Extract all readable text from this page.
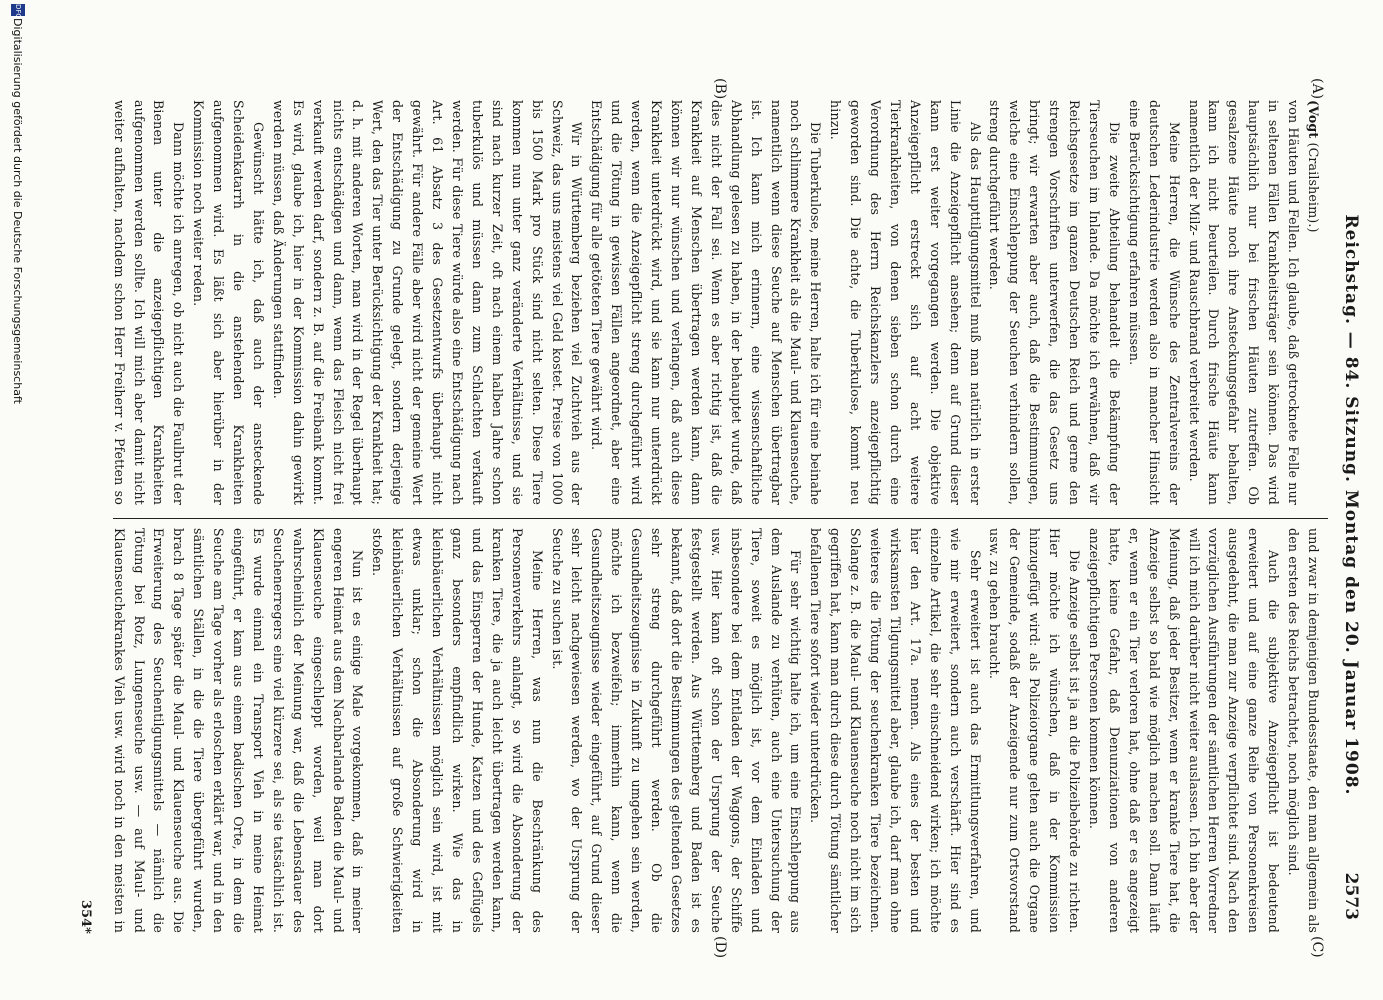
Reichstag. — 84. Sitzung. Montag den 20. Januar 1908.
2573
(A)
(B)
(C)
(D)

(Vogt (Crailsheim).)

von Häuten und Fellen. Ich glaube, daß getrocknete Felle nur in seltenen Fällen Krankheitsträger sein können. Das wird hauptsächlich nur bei frischen Häuten zutreffen. Ob gesalzene Häute noch ihre Ansteckungsgefahr behalten, kann ich nicht beurteilen. Durch frische Häute kann namentlich der Milz- und Rauschbrand verbreitet werden.

Meine Herren, die Wünsche des Zentralvereins der deutschen Lederindustrie werden also in mancher Hinsicht eine Berücksichtigung erfahren müssen.

Die zweite Abteilung behandelt die Bekämpfung der Tierseuchen im Inlande. Da möchte ich erwähnen, daß wir Reichsgesetze im ganzen Deutschen Reich und gerne den strengen Vorschriften unterwerfen, die das Gesetz uns bringt; wir erwarten aber auch, daß die Bestimmungen, welche eine Einschleppung der Seuchen verhindern sollen, streng durchgeführt werden.

Als das Haupttilgungsmittel muß man natürlich in erster Linie die Anzeigepflicht ansehen; denn auf Grund dieser kann erst weiter vorgegangen werden. Die objektive Anzeigepflicht erstreckt sich auf acht weitere Tierkrankheiten, von denen sieben schon durch eine Verordnung des Herrn Reichskanzlers anzeigepflichtig geworden sind. Die achte, die Tuberkulose, kommt neu hinzu.

Die Tuberkulose, meine Herren, halte ich für eine beinahe noch schlimmere Krankheit als die Maul- und Klauenseuche, namentlich wenn diese Seuche auf Menschen übertragbar ist. Ich kann mich erinnern, eine wissenschaftliche Abhandlung gelesen zu haben, in der behauptet wurde, daß dies nicht der Fall sei. Wenn es aber richtig ist, daß die Krankheit auf Menschen übertragen werden kann, dann können wir nur wünschen und verlangen, daß auch diese Krankheit unterdrückt wird, und sie kann nur unterdrückt werden, wenn die Anzeigepflicht streng durchgeführt wird und die Tötung in gewissen Fällen angeordnet, aber eine Entschädigung für alle getöteten Tiere gewährt wird.

Wir in Württemberg beziehen viel Zuchtvieh aus der Schweiz, das uns meistens viel Geld kostet. Preise von 1000 bis 1500 Mark pro Stück sind nicht selten. Diese Tiere kommen nun unter ganz veränderte Verhältnisse, und sie sind nach kurzer Zeit, oft nach einem halben Jahre schon tuberkulös und müssen dann zum Schlachten verkauft werden. Für diese Tiere würde also eine Entschädigung nach Art. 61 Absatz 3 des Gesetzentwurfs überhaupt nicht gewährt. Für andere Fälle aber wird nicht der gemeine Wert der Entschädigung zu Grunde gelegt, sondern derjenige Wert, den das Tier unter Berücksichtigung der Krankheit hat; d. h. mit anderen Worten, man wird in der Regel überhaupt nichts entschädigen und dann, wenn das Fleisch nicht frei verkauft werden darf, sondern z. B. auf die Freibank kommt. Es wird, glaube ich, hier in der Kommission dahin gewirkt werden müssen, daß Änderungen stattfinden.

Gewünscht hätte ich, daß auch der ansteckende Scheidenkatarrh in die anstehenden Krankheiten aufgenommen wird. Es läßt sich aber hierüber in der Kommission noch weiter reden.

Dann möchte ich anregen, ob nicht auch die Faulbrut der Bienen unter die anzeigepflichtigen Krankheiten aufgenommen werden sollte. Ich will mich aber damit nicht weiter aufhalten, nachdem schon Herr Freiherr v. Pfetten so

und zwar in demjenigen Bundesstaate, den man allgemein als den ersten des Reichs betrachtet, noch möglich sind.

Auch die subjektive Anzeigepflicht ist bedeutend erweitert und auf eine ganze Reihe von Personenkreisen ausgedehnt, die man zur Anzeige verpflichtet sind. Nach den vorzüglichen Ausführungen der sämtlichen Herren Vorredner will ich mich darüber nicht weiter auslassen. Ich bin aber der Meinung, daß jeder Besitzer, wenn er kranke Tiere hat, die Anzeige selbst so bald wie möglich machen soll. Dann läuft er, wenn er ein Tier verloren hat, ohne daß er es angezeigt hatte, keine Gefahr, daß Denunziationen von anderen anzeigepflichtigen Personen kommen können.

Die Anzeige selbst ist ja an die Polizeibehörde zu richten. Hier möchte ich wünschen, daß in der Kommission hinzugefügt wird: als Polizeiorgane gelten auch die Organe der Gemeinde, sodaß der Anzeigende nur zum Ortsvorstand usw. zu gehen braucht.

Sehr erweitert ist auch das Ermittlungsverfahren, und wie mir erweitert, sondern auch verschärft. Hier sind es einzelne Artikel, die sehr einschneidend wirken; ich möchte hier den Art. 17a. nennen. Als eines der besten und wirksamsten Tilgungsmittel aber, glaube ich, darf man ohne weiteres die Tötung der seuchenkranken Tiere bezeichnen. Solange z. B. die Maul- und Klauenseuche noch nicht im sich gegriffen hat, kann man durch diese durch Tötung sämtlicher befallenen Tiere sofort wieder unterdrücken.

Für sehr wichtig halte ich, um eine Einschleppung aus dem Auslande zu verhüten, auch eine Untersuchung der Tiere, soweit es möglich ist, vor dem Einladen und insbesondere bei dem Entladen der Waggons, der Schiffe usw. Hier kann oft schon der Ursprung der Seuche festgestellt werden. Aus Württemberg und Baden ist es bekannt, daß dort die Bestimmungen des geltenden Gesetzes sehr streng durchgeführt werden. Ob die Gesundheitszeugnisse in Zukunft zu umgehen sein werden, möchte ich bezweifeln; immerhin kann, wenn die Gesundheitszeugnisse wieder eingeführt, auf Grund dieser sehr leicht nachgewiesen werden, wo der Ursprung der Seuche zu suchen ist.

Meine Herren, was nun die Beschränkung des Personenverkehrs anlangt, so wird die Absonderung der kranken Tiere, die ja auch leicht übertragen werden kann, und das Einsperren der Hunde, Katzen und des Geflügels ganz besonders empfindlich wirken. Wie das in kleinbäuerlichen Verhältnissen möglich sein wird, ist mit etwas unklar; schon die Absonderung wird in kleinbäuerlichen Verhältnissen auf große Schwierigkeiten stoßen.

Nun ist es einige Male vorgekommen, daß in meiner engeren Heimat aus dem Nachbarlande Baden die Maul- und Klauenseuche eingeschleppt worden, weil man dort wahrscheinlich der Meinung war, daß die Lebensdauer des Seuchenerregers eine viel kürzere sei, als sie tatsächlich ist. Es wurde einmal ein Transport Vieh in meine Heimat eingeführt, er kam aus einem badischen Orte, in dem die Seuche am Tage vorher als erloschen erklärt war, und in den sämtlichen Ställen, in die die Tiere übergeführt wurden, brach 8 Tage später die Maul- und Klauenseuche aus. Die Erweiterung des Seuchentilgungsmittels — nämlich die Tötung bei Rotz, Lungenseuche usw. — auf Maul- und Klauenseuchekrankes Vieh usw. wird noch in den meisten in

354*
DFG
Digitalisierung gefördert durch die Deutsche Forschungsgemeinschaft
